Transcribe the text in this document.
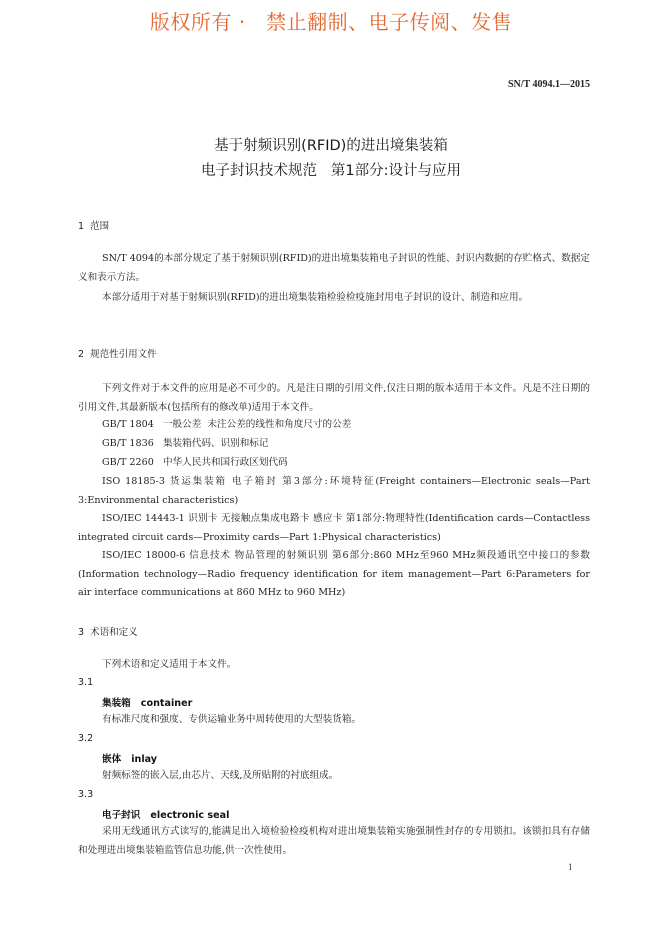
版权所有 ·   禁止翻制、电子传阅、发售
SN/T 4094.1—2015
基于射频识别(RFID)的进出境集装箱
电子封识技术规范   第1部分:设计与应用
1  范围

SN/T 4094的本部分规定了基于射频识别(RFID)的进出境集装箱电子封识的性能、封识内数据的存贮格式、数据定义和表示方法。

本部分适用于对基于射频识别(RFID)的进出境集装箱检验检疫施封用电子封识的设计、制造和应用。

2  规范性引用文件

下列文件对于本文件的应用是必不可少的。凡是注日期的引用文件,仅注日期的版本适用于本文件。凡是不注日期的引用文件,其最新版本(包括所有的修改单)适用于本文件。

GB/T 1804   一般公差  未注公差的线性和角度尺寸的公差
GB/T 1836   集装箱代码、识别和标记
GB/T 2260   中华人民共和国行政区划代码

ISO 18185-3 货运集装箱 电子箱封 第3部分:环境特征(Freight containers—Electronic seals—Part 3:Environmental characteristics)

ISO/IEC 14443-1 识别卡 无接触点集成电路卡 感应卡 第1部分:物理特性(Identification cards—Contactless integrated circuit cards—Proximity cards—Part 1:Physical characteristics)

ISO/IEC 18000-6 信息技术 物品管理的射频识别 第6部分:860 MHz至960 MHz频段通讯空中接口的参数(Information technology—Radio frequency identification for item management—Part 6:Parameters for air interface communications at 860 MHz to 960 MHz)

3  术语和定义

下列术语和定义适用于本文件。

3.1
集装箱   container

有标准尺度和强度、专供运输业务中周转使用的大型装货箱。

3.2
嵌体   inlay

射频标签的嵌入层,由芯片、天线,及所贴附的衬底组成。

3.3
电子封识   electronic seal

采用无线通讯方式读写的,能满足出入境检验检疫机构对进出境集装箱实施强制性封存的专用锁扣。该锁扣具有存储和处理进出境集装箱监管信息功能,供一次性使用。

1
